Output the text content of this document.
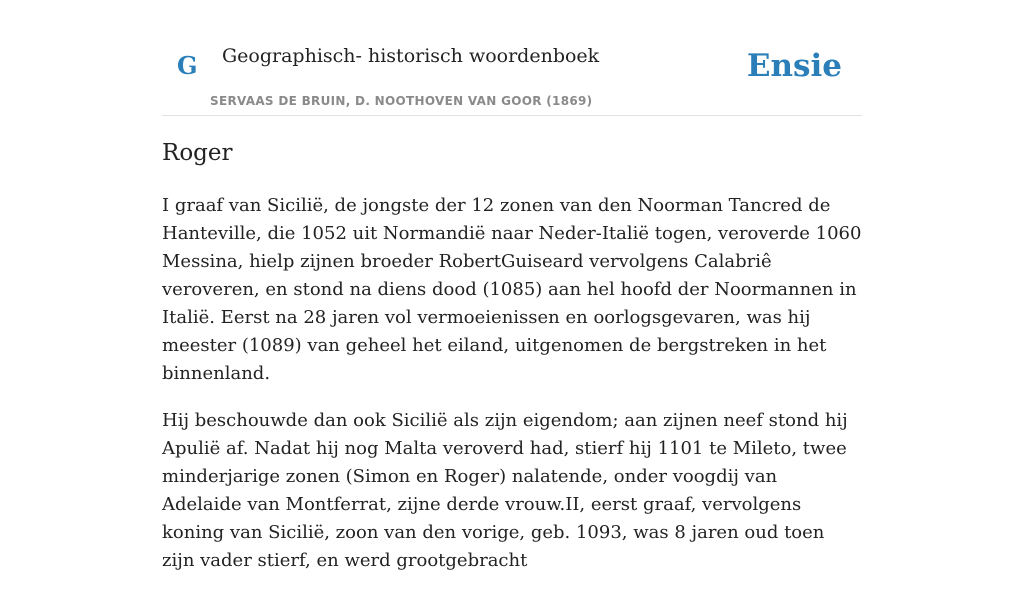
G Geographisch- historisch woordenboek
SERVAAS DE BRUIN, D. NOOTHOVEN VAN GOOR (1869)
Ensie
Roger

I graaf van Sicilië, de jongste der 12 zonen van den Noorman Tancred de Hanteville, die 1052 uit Normandië naar Neder-Italië togen, veroverde 1060 Messina, hielp zijnen broeder RobertGuiseard vervolgens Calabriê veroveren, en stond na diens dood (1085) aan hel hoofd der Noormannen in Italië. Eerst na 28 jaren vol vermoeienissen en oorlogsgevaren, was hij meester (1089) van geheel het eiland, uitgenomen de bergstreken in het binnenland.

Hij beschouwde dan ook Sicilië als zijn eigendom; aan zijnen neef stond hij Apulië af. Nadat hij nog Malta veroverd had, stierf hij 1101 te Mileto, twee minderjarige zonen (Simon en Roger) nalatende, onder voogdij van Adelaide van Montferrat, zijne derde vrouw.II, eerst graaf, vervolgens koning van Sicilië, zoon van den vorige, geb. 1093, was 8 jaren oud toen zijn vader stierf, en werd grootgebracht
